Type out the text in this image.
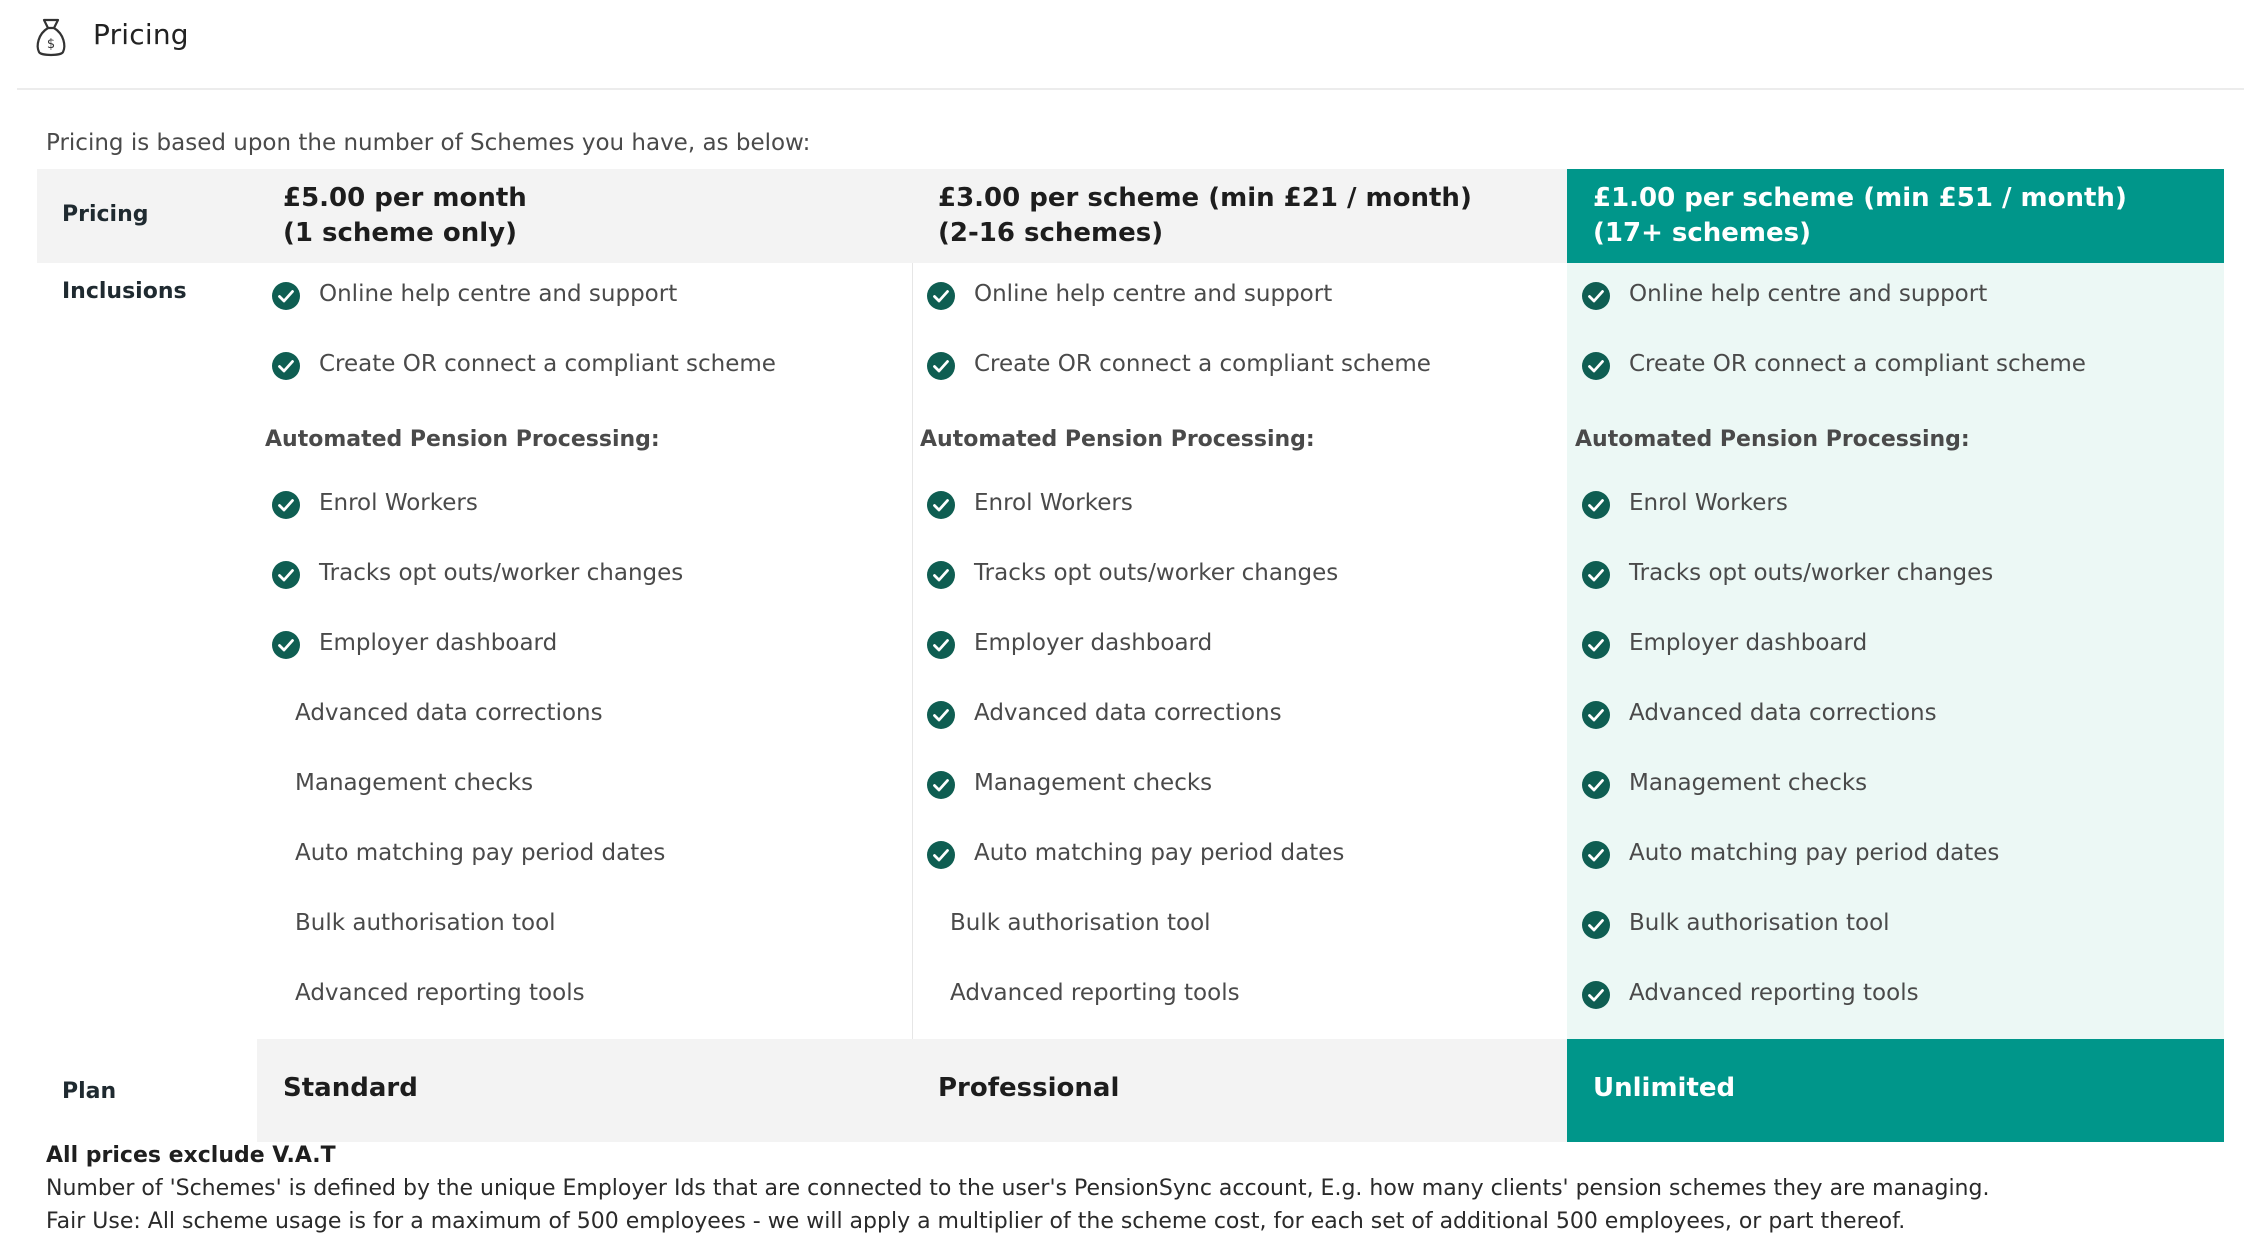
$ Pricing
Pricing is based upon the number of Schemes you have, as below:
Pricing
Inclusions
Plan
£5.00 per month
(1 scheme only)
Automated Pension Processing:
Online help centre and support
Create OR connect a compliant scheme
Enrol Workers
Tracks opt outs/worker changes
Employer dashboard
Advanced data corrections
Management checks
Auto matching pay period dates
Bulk authorisation tool
Advanced reporting tools
Standard
£3.00 per scheme (min £21 / month)
(2-16 schemes)
Automated Pension Processing:
Online help centre and support
Create OR connect a compliant scheme
Enrol Workers
Tracks opt outs/worker changes
Employer dashboard
Advanced data corrections
Management checks
Auto matching pay period dates
Bulk authorisation tool
Advanced reporting tools
Professional
£1.00 per scheme (min £51 / month)
(17+ schemes)
Automated Pension Processing:
Online help centre and support
Create OR connect a compliant scheme
Enrol Workers
Tracks opt outs/worker changes
Employer dashboard
Advanced data corrections
Management checks
Auto matching pay period dates
Bulk authorisation tool
Advanced reporting tools
Unlimited
All prices exclude V.A.T
Number of 'Schemes' is defined by the unique Employer Ids that are connected to the user's PensionSync account, E.g. how many clients' pension schemes they are managing.
Fair Use: All scheme usage is for a maximum of 500 employees - we will apply a multiplier of the scheme cost, for each set of additional 500 employees, or part thereof.
